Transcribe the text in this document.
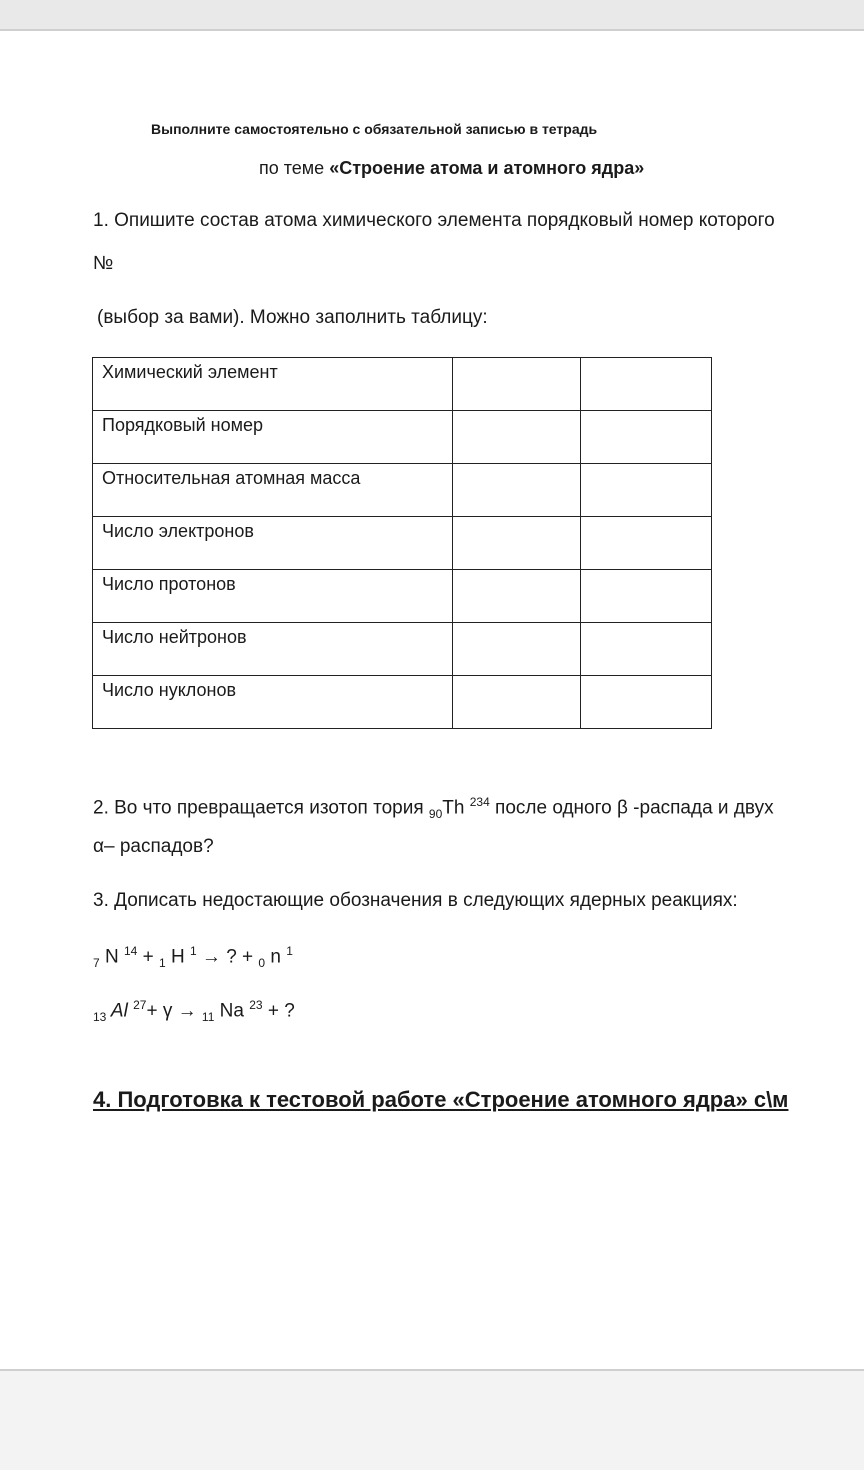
Выполните самостоятельно с обязательной записью в тетрадь
по теме «Строение атома и атомного ядра»
1. Опишите состав атома химического элемента порядковый номер которого
№
(выбор за вами). Можно заполнить таблицу:
Химический элемент		
Порядковый номер		
Относительная атомная масса		
Число электронов		
Число протонов		
Число нейтронов		
Число нуклонов		
2. Во что превращается изотоп тория $_{90}$Th $^{234}$ после одного β -распада и двух
α– распадов?
3. Дописать недостающие обозначения в следующих ядерных реакциях:
$_7$ N $^{14}$ + $_1$ H $^1$ → ? + $_0$ n $^1$
$_{13}$ Al $^{27}$+ γ → $_{11}$ Na $^{23}$ + ?
4. Подготовка к тестовой работе «Строение атомного ядра» с\м
